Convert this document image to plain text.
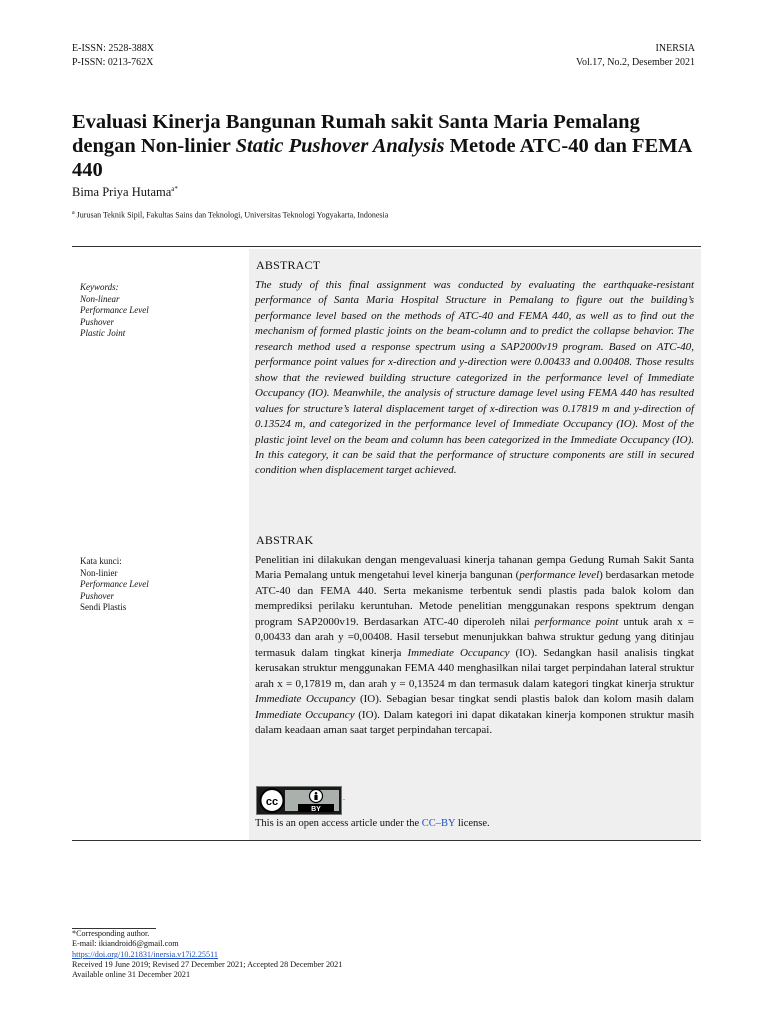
E-ISSN: 2528-388X
P-ISSN: 0213-762X
INERSIA
Vol.17, No.2, Desember 2021
Evaluasi Kinerja Bangunan Rumah sakit Santa Maria Pemalang dengan Non-linier Static Pushover Analysis Metode ATC-40 dan FEMA 440
Bima Priya Hutama$^{a*}$
$^a$ Jurusan Teknik Sipil, Fakultas Sains dan Teknologi, Universitas Teknologi Yogyakarta, Indonesia
Keywords:
Non-linear
Performance Level
Pushover
Plastic Joint
ABSTRACT

The study of this final assignment was conducted by evaluating the earthquake-resistant performance of Santa Maria Hospital Structure in Pemalang to figure out the building’s performance level based on the methods of ATC-40 and FEMA 440, as well as to find out the mechanism of formed plastic joints on the beam-column and to predict the collapse behavior. The research method used a response spectrum using a SAP2000v19 program. Based on ATC-40, performance point values for x-direction and y-direction were 0.00433 and 0.00408. Those results show that the reviewed building structure categorized in the performance level of Immediate Occupancy (IO). Meanwhile, the analysis of structure damage level using FEMA 440 has resulted values for structure’s lateral displacement target of x-direction was 0.17819 m and y-direction of 0.13524 m, and categorized in the performance level of Immediate Occupancy (IO). Most of the plastic joint level on the beam and column has been categorized in the Immediate Occupancy (IO). In this category, it can be said that the performance of structure components are still in secured condition when displacement target achieved.

Kata kunci:
Non-linier
Performance Level
Pushover
Sendi Plastis
ABSTRAK

Penelitian ini dilakukan dengan mengevaluasi kinerja tahanan gempa Gedung Rumah Sakit Santa Maria Pemalang untuk mengetahui level kinerja bangunan (performance level) berdasarkan metode ATC-40 dan FEMA 440. Serta mekanisme terbentuk sendi plastis pada balok kolom dan memprediksi perilaku keruntuhan. Metode penelitian menggunakan respons spektrum dengan program SAP2000v19. Berdasarkan ATC-40 diperoleh nilai performance point untuk arah x = 0,00433 dan arah y =0,00408. Hasil tersebut menunjukkan bahwa struktur gedung yang ditinjau termasuk dalam tingkat kinerja Immediate Occupancy (IO). Sedangkan hasil analisis tingkat kerusakan struktur menggunakan FEMA 440 menghasilkan nilai target perpindahan lateral struktur arah x = 0,17819 m, dan arah y = 0,13524 m dan termasuk dalam kategori tingkat kinerja struktur Immediate Occupancy (IO). Sebagian besar tingkat sendi plastis balok dan kolom masih dalam Immediate Occupancy (IO). Dalam kategori ini dapat dikatakan kinerja komponen struktur masih dalam keadaan aman saat target perpindahan tercapai.

cc
BY
.
This is an open access article under the CC–BY license.
*Corresponding author.
E-mail: ikiandroid6@gmail.com
https://doi.org/10.21831/inersia.v17i2.25511
Received 19 June 2019; Revised 27 December 2021; Accepted 28 December 2021
Available online 31 December 2021
